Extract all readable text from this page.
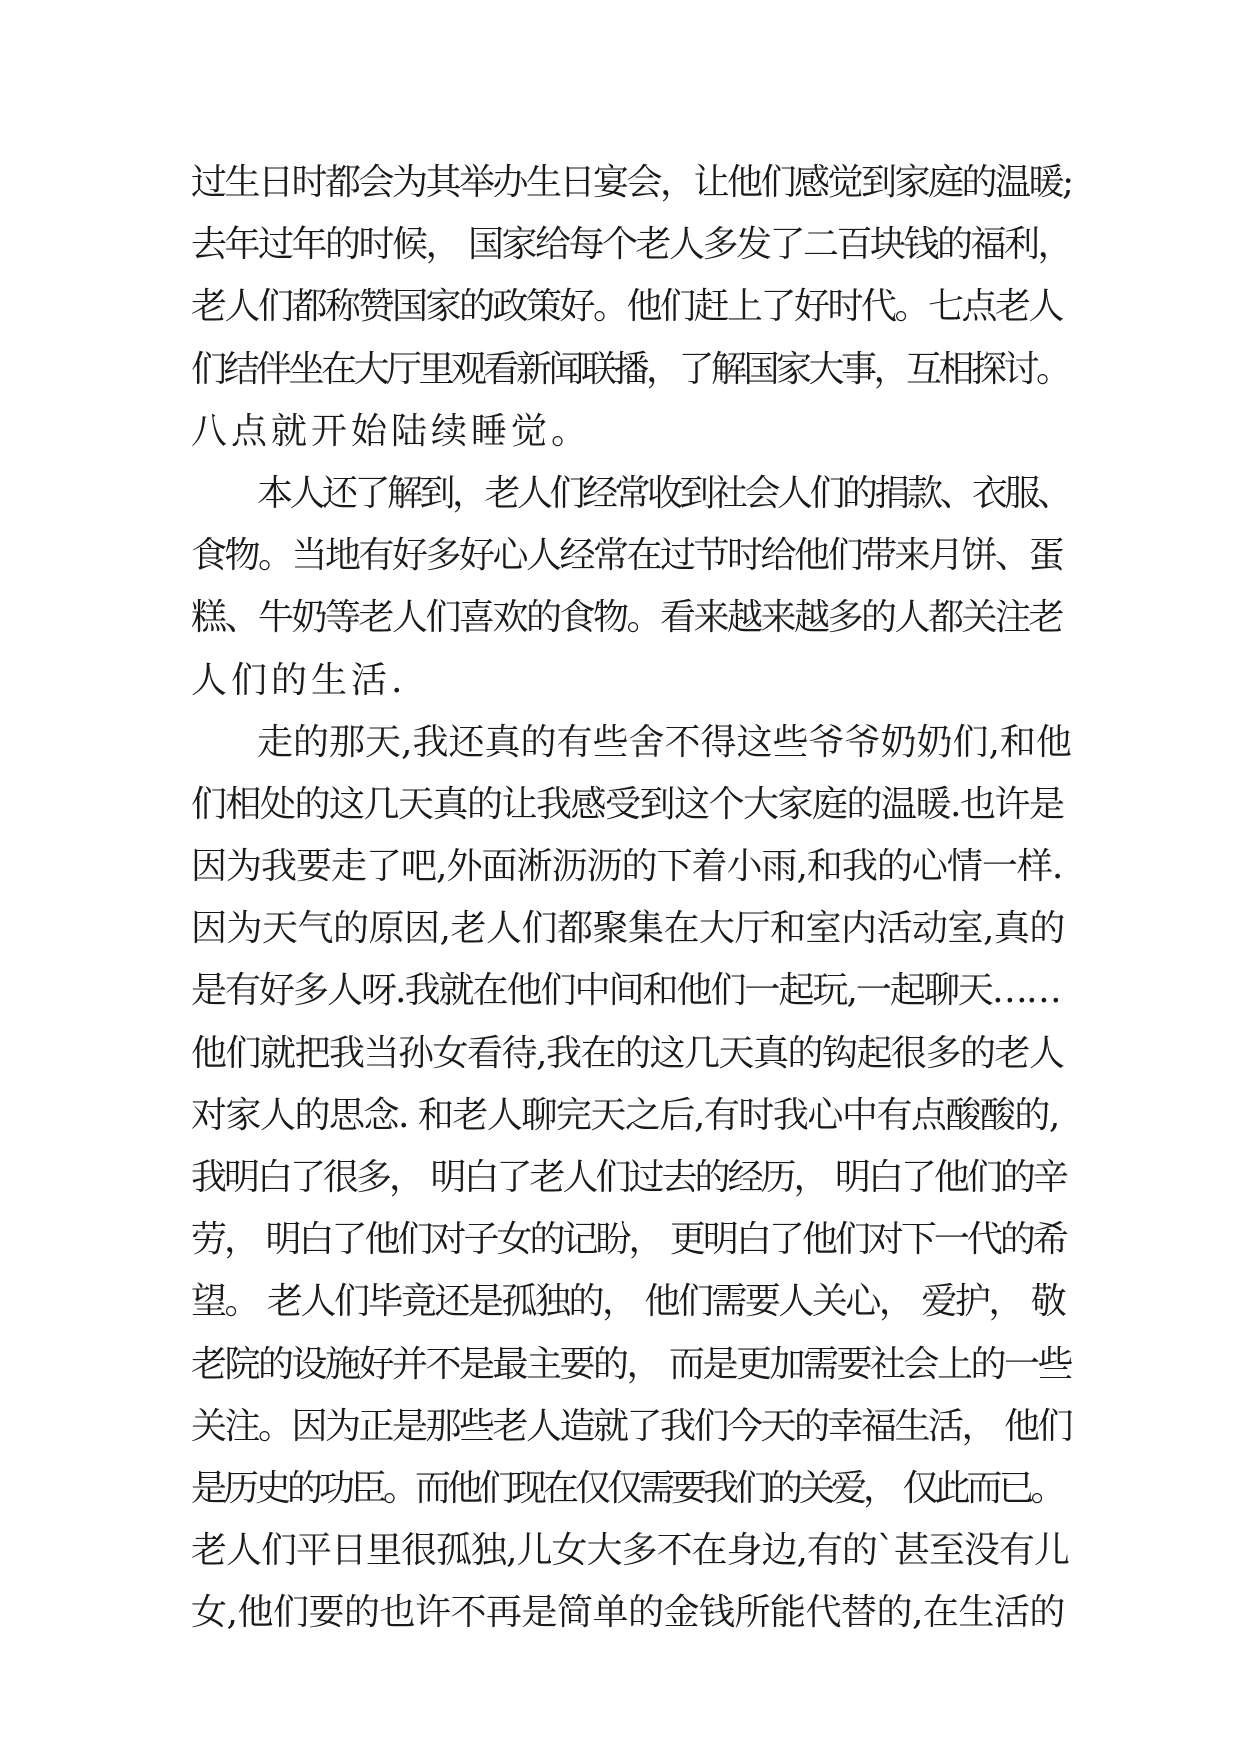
过生日时都会为其举办生日宴会，让他们感觉到家庭的温暖;
去年过年的时候， 国家给每个老人多发了二百块钱的福利，
老人们都称赞国家的政策好。他们赶上了好时代。七点老人
们结伴坐在大厅里观看新闻联播，了解国家大事，互相探讨。
八点就开始陆续睡觉。
本人还了解到，老人们经常收到社会人们的捐款、衣服、
食物。当地有好多好心人经常在过节时给他们带来月饼、蛋
糕、牛奶等老人们喜欢的食物。看来越来越多的人都关注老
人们的生活.
走的那天,我还真的有些舍不得这些爷爷奶奶们,和他
们相处的这几天真的让我感受到这个大家庭的温暖.也许是
因为我要走了吧,外面淅沥沥的下着小雨,和我的心情一样.
因为天气的原因,老人们都聚集在大厅和室内活动室,真的
是有好多人呀.我就在他们中间和他们一起玩,一起聊天……
他们就把我当孙女看待,我在的这几天真的钩起很多的老人
对家人的思念. 和老人聊完天之后,有时我心中有点酸酸的,
我明白了很多， 明白了老人们过去的经历， 明白了他们的辛
劳， 明白了他们对子女的记盼， 更明白了他们对下一代的希
望。 老人们毕竟还是孤独的， 他们需要人关心， 爱护， 敬
老院的设施好并不是最主要的， 而是更加需要社会上的一些
关注。因为正是那些老人造就了我们今天的幸福生活， 他们
是历史的功臣。而他们现在仅仅需要我们的关爱， 仅此而已。
老人们平日里很孤独,儿女大多不在身边,有的`甚至没有儿
女,他们要的也许不再是简单的金钱所能代替的,在生活的
